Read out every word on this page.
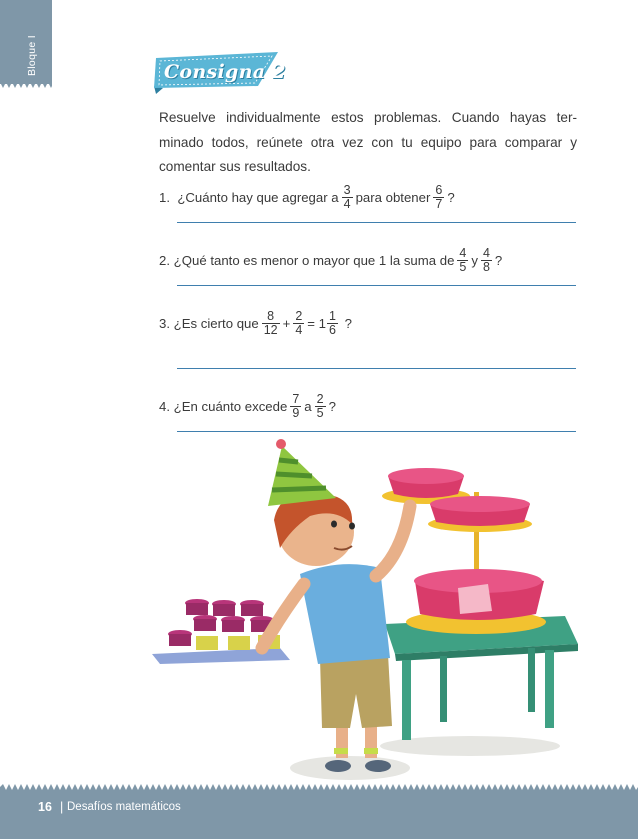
Bloque I	Consigna 2
Resuelve individualmente estos problemas. Cuando hayas ter-minado todos, reúnete otra vez con tu equipo para comparar y comentar sus resultados.
1.
¿Cuánto hay que agregar a $\frac{3}{4}$ para obtener $\frac{6}{7}$ ?
2.
¿Qué tanto es menor o mayor que 1 la suma de $\frac{4}{5}$ y $\frac{4}{8}$ ?
3.
¿Es cierto que $\frac{8}{12} + \frac{2}{4} = 1 \frac{1}{6}$
?
4.
¿En cuánto excede $\frac{7}{9}$ a $\frac{2}{5}$ ?
16 | Desafíos matemáticos
